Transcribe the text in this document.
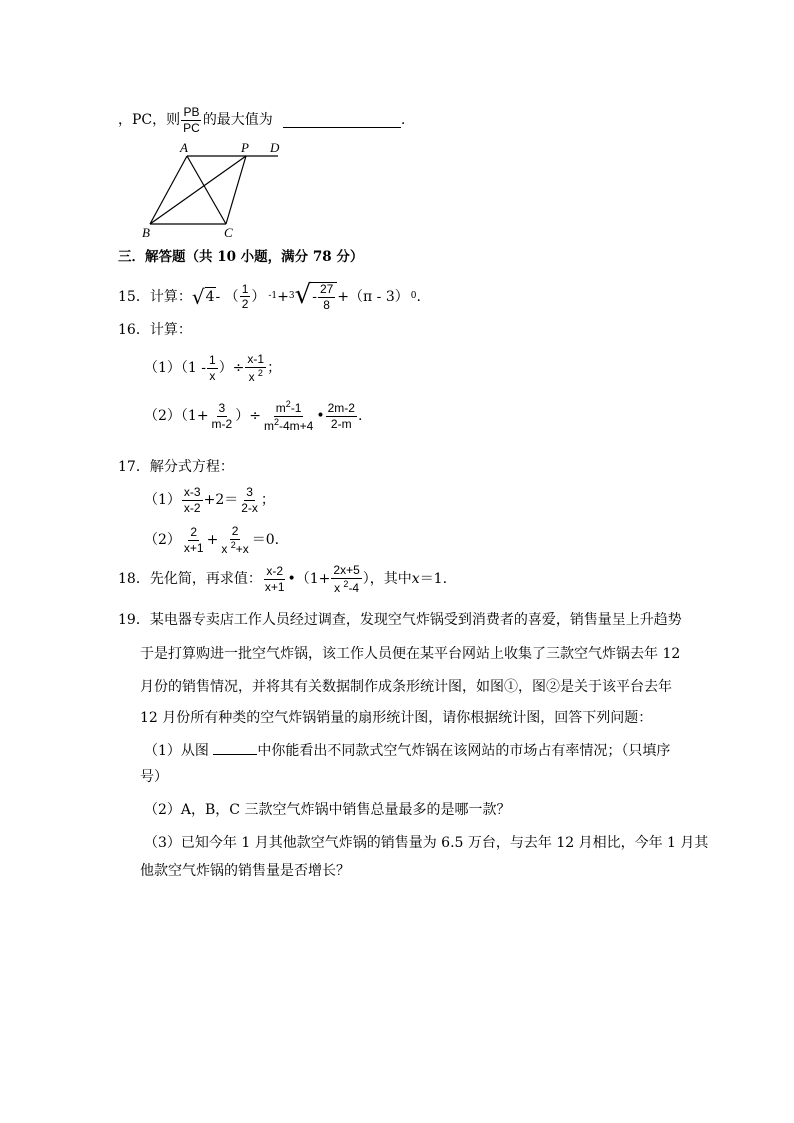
，PC，则 $\frac{PB}{PC}$ 的最大值为	.
A	P D
B	C
三．解答题（共 10 小题，满分 78 分）
15．计算： √ 4 - （ $\frac{1}{2}$ ） -1 + 3 √ - $\frac{27}{8} +(\pi - 3)$ 0 .
16．计算：
$(1)(1 - \frac{1}{x}$ ）÷ $\frac{x-1}{x ^2}$ ；
$(2)(1+ \frac{3}{m-2}$ ）÷ $\frac{m^2-1}{m^2-4m+4}$ • $\frac{2m-2}{2-m}$ .
17．解分式方程：
$(1) \frac{x-3}{x-2} +2= \frac{3}{2-x}$ ；
$(2) \frac{2}{x+1} + \frac{2}{x ^2+x} =0$.
18．先化简，再求值： $\frac{x-2}{x+1}$ •（1+ $\frac{2x+5}{x ^2-4}$ ），其中 x ＝1.
19．某电器专卖店工作人员经过调查，发现空气炸锅受到消费者的喜爱，销售量呈上升趋势
于是打算购进一批空气炸锅，该工作人员便在某平台网站上收集了三款空气炸锅去年 12
月份的销售情况，并将其有关数据制作成条形统计图，如图①，图②是关于该平台去年
12 月份所有种类的空气炸锅销量的扇形统计图，请你根据统计图，回答下列问题：
（1）从图	中你能看出不同款式空气炸锅在该网站的市场占有率情况；（只填序
号）
（2）A，B，C 三款空气炸锅中销售总量最多的是哪一款？
（3）已知今年 1 月其他款空气炸锅的销售量为 6.5 万台，与去年 12 月相比，今年 1 月其
他款空气炸锅的销售量是否增长？
